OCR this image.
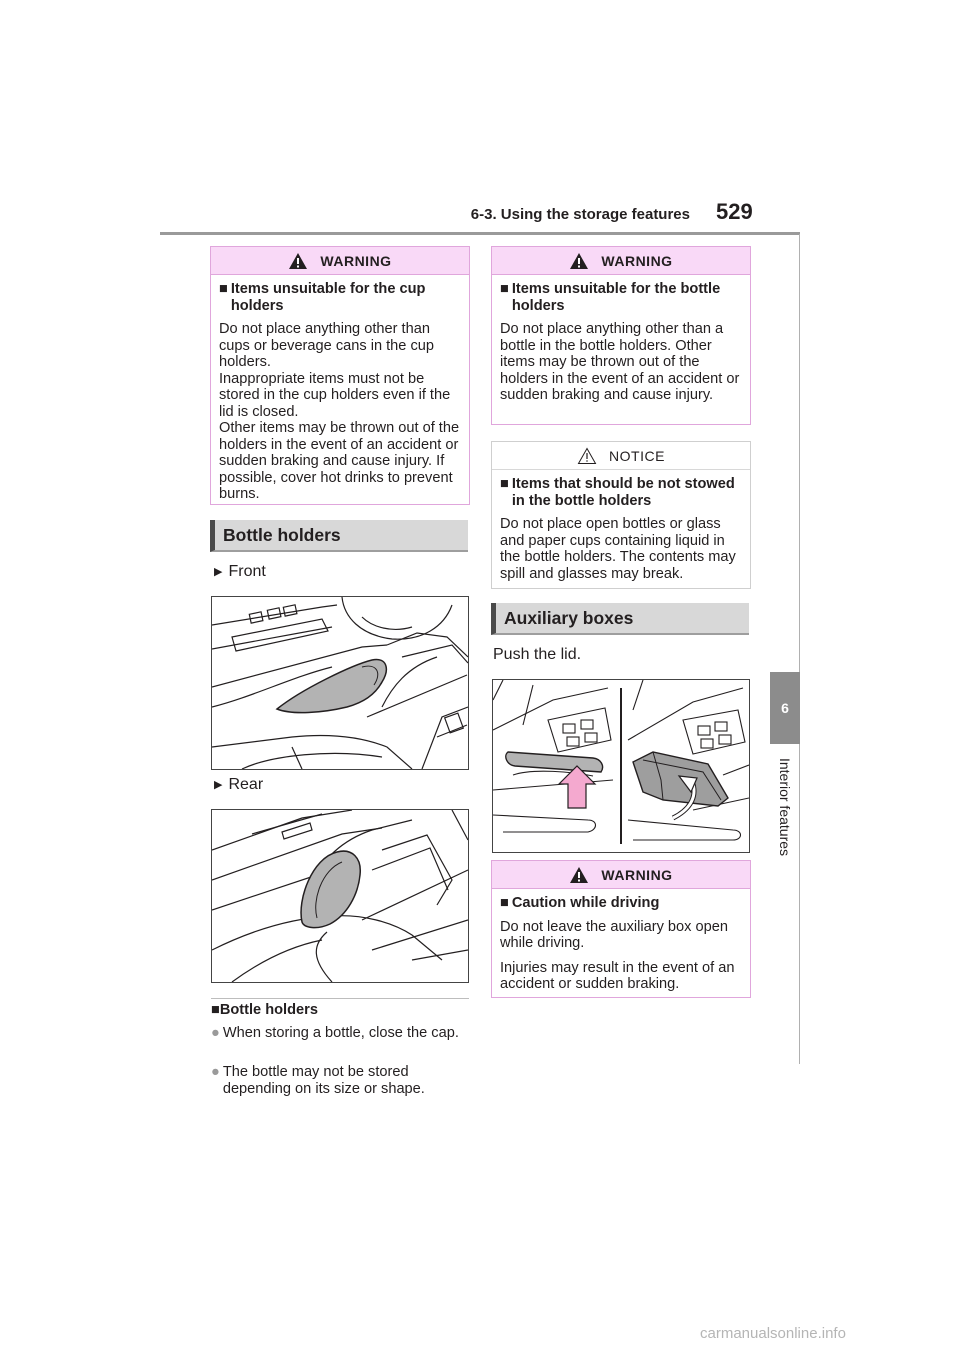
6-3. Using the storage features 529
6
Interior features
WARNING
■ Items unsuitable for the cup holders

Do not place anything other than cups or beverage cans in the cup holders.

Inappropriate items must not be stored in the cup holders even if the lid is closed.

Other items may be thrown out of the holders in the event of an accident or sudden braking and cause injury. If possible, cover hot drinks to prevent burns.

Bottle holders
▶ Front
▶ Rear
■Bottle holders
● When storing a bottle, close the cap.
● The bottle may not be stored depending on its size or shape.
WARNING
■ Items unsuitable for the bottle holders

Do not place anything other than a bottle in the bottle holders. Other items may be thrown out of the holders in the event of an accident or sudden braking and cause injury.

NOTICE
■ Items that should be not stowed in the bottle holders

Do not place open bottles or glass and paper cups containing liquid in the bottle holders. The contents may spill and glasses may break.

Auxiliary boxes
Push the lid.
WARNING
■ Caution while driving

Do not leave the auxiliary box open while driving.

Injuries may result in the event of an accident or sudden braking.

carmanualsonline.info
